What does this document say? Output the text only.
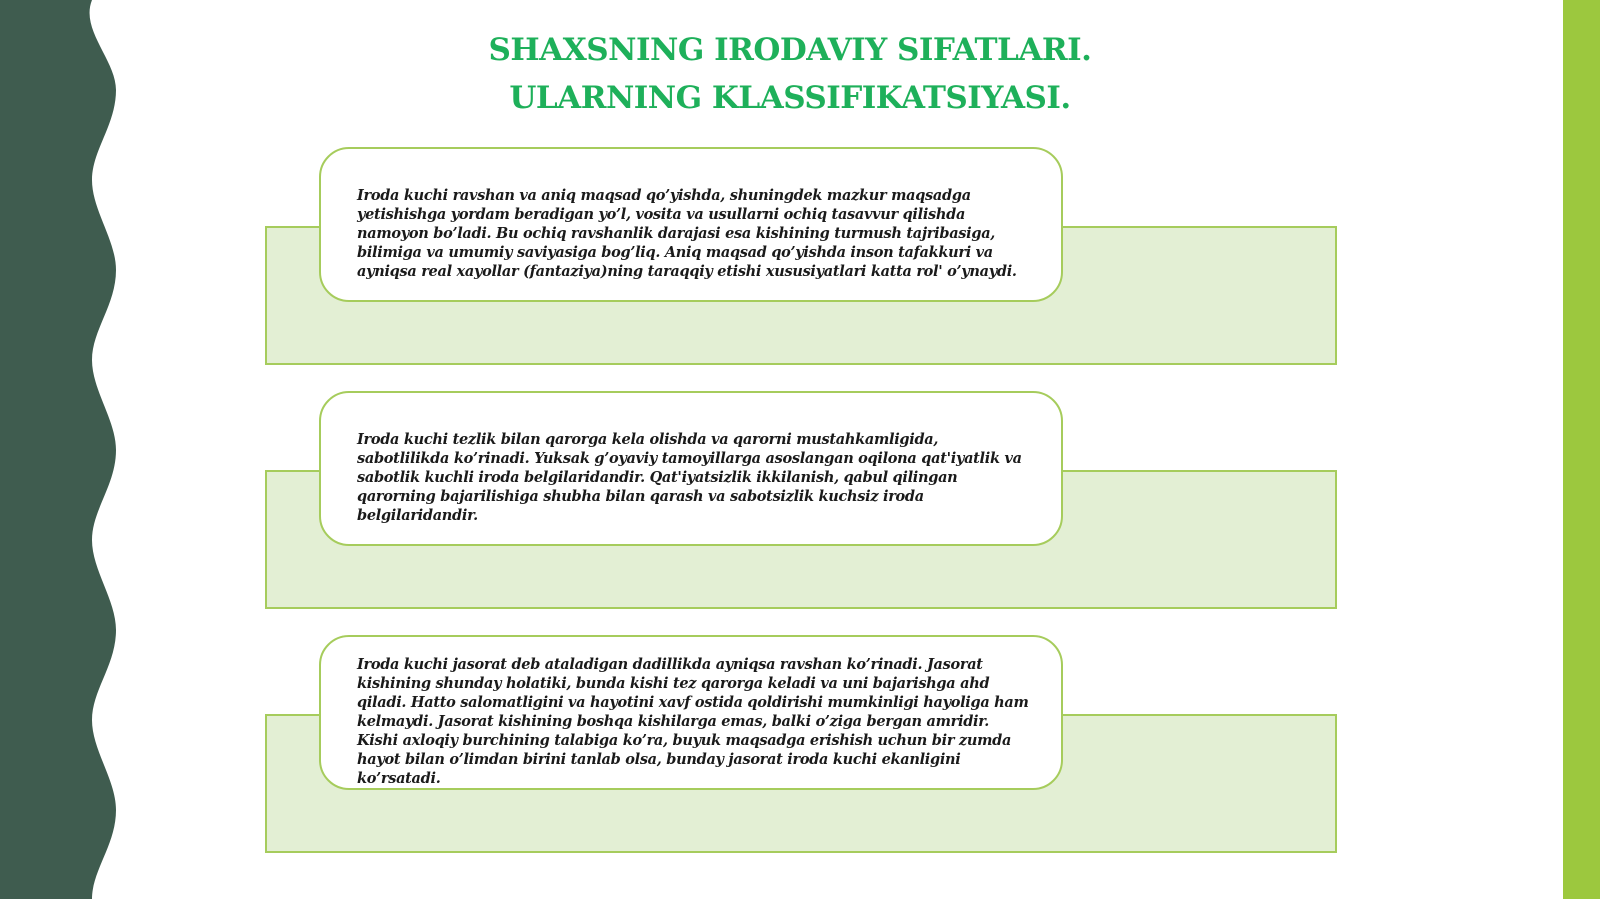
SHAXSNING IRODAVIY SIFATLARI.
ULARNING KLASSIFIKATSIYASI.

Iroda kuchi ravshan va aniq maqsad qo’yishda, shuningdek mazkur maqsadga yetishishga yordam beradigan yo’l, vosita va usullarni ochiq tasavvur qilishda namoyon bo’ladi. Bu ochiq ravshanlik darajasi esa kishining turmush tajribasiga, bilimiga va umumiy saviyasiga bog’liq. Aniq maqsad qo’yishda inson tafakkuri va ayniqsa real xayollar (fantaziya)ning taraqqiy etishi xususiyatlari katta rol' o’ynaydi.

Iroda kuchi tezlik bilan qarorga kela olishda va qarorni mustahkamligida, sabotlilikda ko’rinadi. Yuksak g’oyaviy tamoyillarga asoslangan oqilona qat'iyatlik va sabotlik kuchli iroda belgilaridandir. Qat'iyatsizlik ikkilanish, qabul qilingan qarorning bajarilishiga shubha bilan qarash va sabotsizlik kuchsiz iroda belgilaridandir.

Iroda kuchi jasorat deb ataladigan dadillikda ayniqsa ravshan ko’rinadi. Jasorat kishining shunday holatiki, bunda kishi tez qarorga keladi va uni bajarishga ahd qiladi. Hatto salomatligini va hayotini xavf ostida qoldirishi mumkinligi hayoliga ham kelmaydi. Jasorat kishining boshqa kishilarga emas, balki o’ziga bergan amridir. Kishi axloqiy burchining talabiga ko’ra, buyuk maqsadga erishish uchun bir zumda hayot bilan o’limdan birini tanlab olsa, bunday jasorat iroda kuchi ekanligini ko’rsatadi.
